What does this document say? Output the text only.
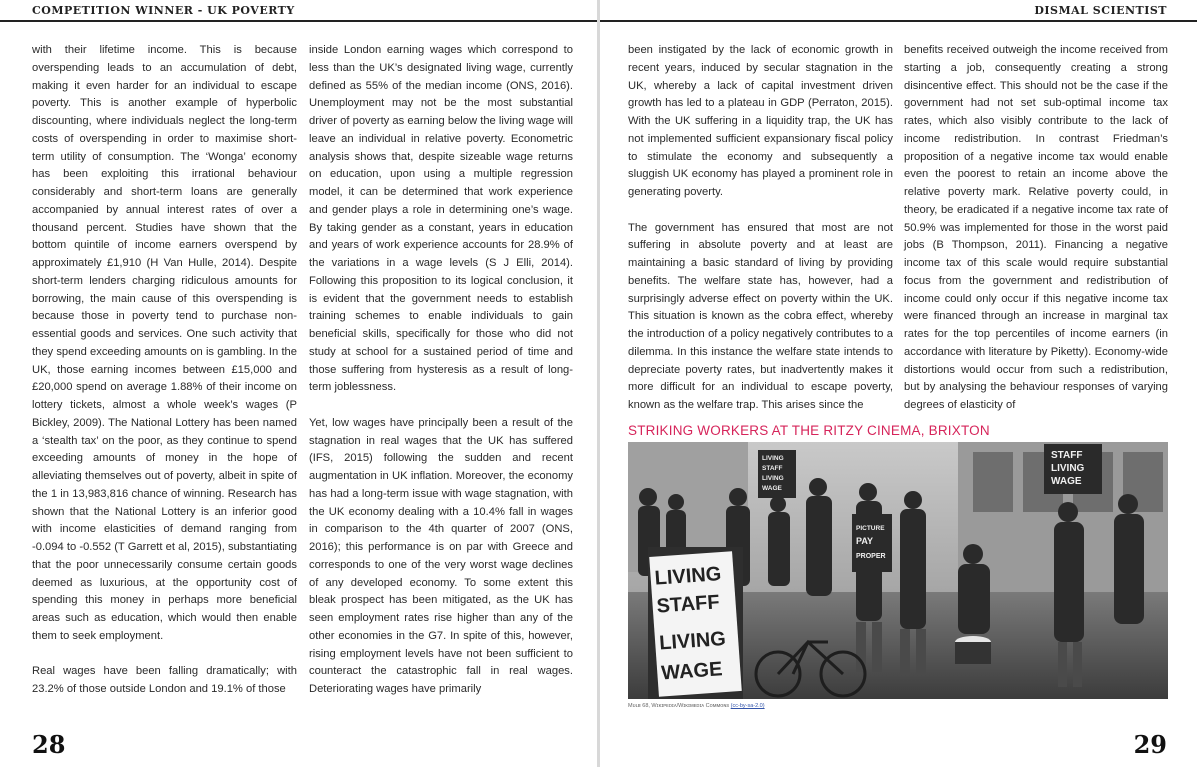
COMPETITION WINNER - UK POVERTY

with their lifetime income. This is because overspending leads to an accumulation of debt, making it even harder for an individual to escape poverty. This is another example of hyperbolic discounting, where individuals neglect the long-term costs of overspending in order to maximise short-term utility of consumption. The ‘Wonga’ economy has been exploiting this irrational behaviour considerably and short-term loans are generally accompanied by annual interest rates of over a thousand percent. Studies have shown that the bottom quintile of income earners overspend by approximately £1,910 (H Van Hulle, 2014). Despite short-term lenders charging ridiculous amounts for borrowing, the main cause of this overspending is because those in poverty tend to purchase non-essential goods and services. One such activity that they spend exceeding amounts on is gambling. In the UK, those earning incomes between £15,000 and £20,000 spend on average 1.88% of their income on lottery tickets, almost a whole week’s wages (P Bickley, 2009). The National Lottery has been named a ‘stealth tax’ on the poor, as they continue to spend exceeding amounts of money in the hope of alleviating themselves out of poverty, albeit in spite of the 1 in 13,983,816 chance of winning. Research has shown that the National Lottery is an inferior good with income elasticities of demand ranging from -0.094 to -0.552 (T Garrett et al, 2015), substantiating that the poor unnecessarily consume certain goods deemed as luxurious, at the opportunity cost of spending this money in perhaps more beneficial areas such as education, which would then enable them to seek employment.

Real wages have been falling dramatically; with 23.2% of those outside London and 19.1% of those

inside London earning wages which correspond to less than the UK’s designated living wage, currently defined as 55% of the median income (ONS, 2016). Unemployment may not be the most substantial driver of poverty as earning below the living wage will leave an individual in relative poverty. Econometric analysis shows that, despite sizeable wage returns on education, upon using a multiple regression model, it can be determined that work experience and gender plays a role in determining one’s wage. By taking gender as a constant, years in education and years of work experience accounts for 28.9% of the variations in a wage levels (S J Elli, 2014). Following this proposition to its logical conclusion, it is evident that the government needs to establish training schemes to enable individuals to gain beneficial skills, specifically for those who did not study at school for a sustained period of time and those suffering from hysteresis as a result of long-term joblessness.

Yet, low wages have principally been a result of the stagnation in real wages that the UK has suffered (IFS, 2015) following the sudden and recent augmentation in UK inflation. Moreover, the economy has had a long-term issue with wage stagnation, with the UK economy dealing with a 10.4% fall in wages in comparison to the 4th quarter of 2007 (ONS, 2016); this performance is on par with Greece and corresponds to one of the very worst wage declines of any developed economy. To some extent this bleak prospect has been mitigated, as the UK has seen employment rates rise higher than any of the other economies in the G7. In spite of this, however, rising employment levels have not been sufficient to counteract the catastrophic fall in real wages. Deteriorating wages have primarily

28
DISMAL SCIENTIST

been instigated by the lack of economic growth in recent years, induced by secular stagnation in the UK, whereby a lack of capital investment driven growth has led to a plateau in GDP (Perraton, 2015). With the UK suffering in a liquidity trap, the UK has not implemented sufficient expansionary fiscal policy to stimulate the economy and subsequently a sluggish UK economy has played a prominent role in generating poverty.

The government has ensured that most are not suffering in absolute poverty and at least are maintaining a basic standard of living by providing benefits. The welfare state has, however, had a surprisingly adverse effect on poverty within the UK. This situation is known as the cobra effect, whereby the introduction of a policy negatively contributes to a dilemma. In this instance the welfare state intends to depreciate poverty rates, but inadvertently makes it more difficult for an individual to escape poverty, known as the welfare trap. This arises since the

benefits received outweigh the income received from starting a job, consequently creating a strong disincentive effect. This should not be the case if the government had not set sub-optimal income tax rates, which also visibly contribute to the lack of income redistribution. In contrast Friedman’s proposition of a negative income tax would enable even the poorest to retain an income above the relative poverty mark. Relative poverty could, in theory, be eradicated if a negative income tax rate of 50.9% was implemented for those in the worst paid jobs (B Thompson, 2011). Financing a negative income tax of this scale would require substantial focus from the government and redistribution of income could only occur if this negative income tax were financed through an increase in marginal tax rates for the top percentiles of income earners (in accordance with literature by Piketty). Economy-wide distortions would occur from such a redistribution, but by analysing the behaviour responses of varying degrees of elasticity of

STRIKING WORKERS AT THE RITZY CINEMA, BRIXTON
LIVING
STAFF
LIVING
WAGE
STAFF
LIVING
WAGE
LIVING
STAFF
LIVING
WAGE
PICTURE
PAY
PROPER
Mᴜʟʙ 68, Wɪᴋɪᴘᴇᴅɪᴀ/Wɪᴋɪᴍᴇᴅɪᴀ Cᴏᴍᴍᴏɴs (cc-by-sa-2.0)
29
